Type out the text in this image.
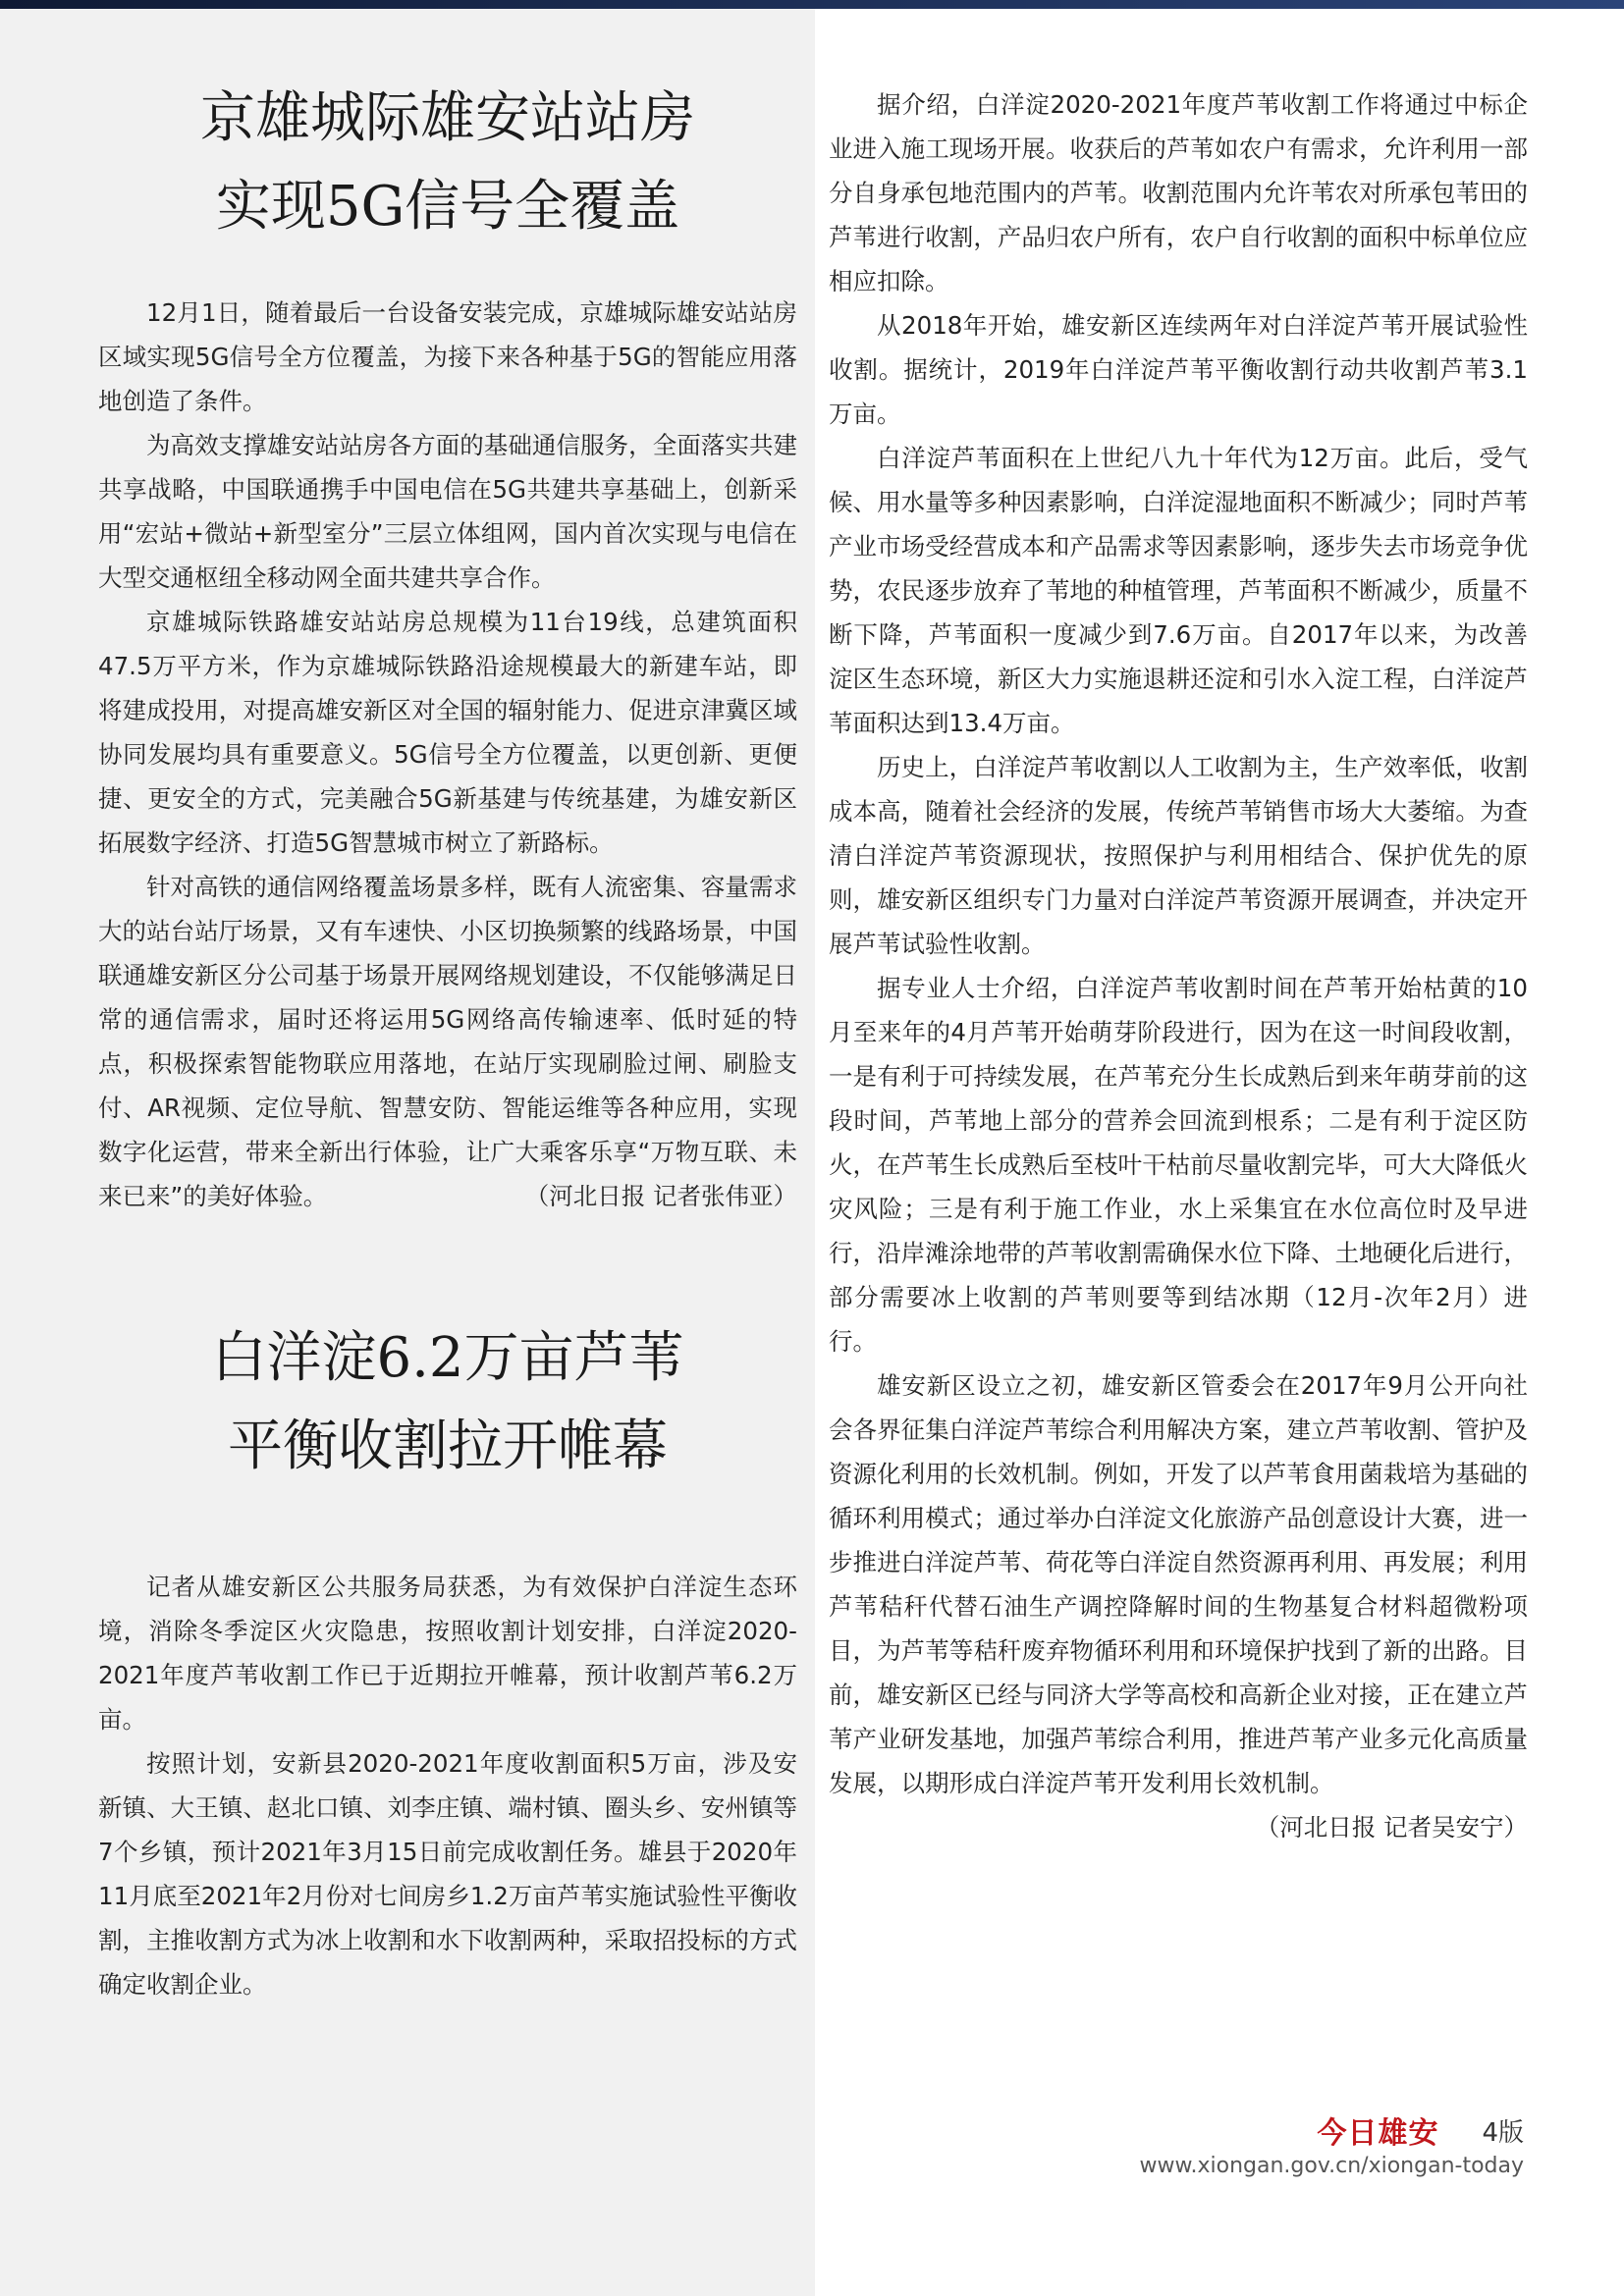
京雄城际雄安站站房
实现5G信号全覆盖

12月1日，随着最后一台设备安装完成，京雄城际雄安站站房区域实现5G信号全方位覆盖，为接下来各种基于5G的智能应用落地创造了条件。

为高效支撑雄安站站房各方面的基础通信服务，全面落实共建共享战略，中国联通携手中国电信在5G共建共享基础上，创新采用“宏站+微站+新型室分”三层立体组网，国内首次实现与电信在大型交通枢纽全移动网全面共建共享合作。

京雄城际铁路雄安站站房总规模为11台19线，总建筑面积47.5万平方米，作为京雄城际铁路沿途规模最大的新建车站，即将建成投用，对提高雄安新区对全国的辐射能力、促进京津冀区域协同发展均具有重要意义。5G信号全方位覆盖，以更创新、更便捷、更安全的方式，完美融合5G新基建与传统基建，为雄安新区拓展数字经济、打造5G智慧城市树立了新路标。

针对高铁的通信网络覆盖场景多样，既有人流密集、容量需求大的站台站厅场景，又有车速快、小区切换频繁的线路场景，中国联通雄安新区分公司基于场景开展网络规划建设，不仅能够满足日常的通信需求，届时还将运用5G网络高传输速率、低时延的特点，积极探索智能物联应用落地，在站厅实现刷脸过闸、刷脸支付、AR视频、定位导航、智慧安防、智能运维等各种应用，实现数字化运营，带来全新出行体验，让广大乘客乐享“万物互联、未来已来”的美好体验。	（河北日报 记者张伟亚）

白洋淀6.2万亩芦苇
平衡收割拉开帷幕

记者从雄安新区公共服务局获悉，为有效保护白洋淀生态环境，消除冬季淀区火灾隐患，按照收割计划安排，白洋淀2020-2021年度芦苇收割工作已于近期拉开帷幕，预计收割芦苇6.2万亩。

按照计划，安新县2020-2021年度收割面积5万亩，涉及安新镇、大王镇、赵北口镇、刘李庄镇、端村镇、圈头乡、安州镇等7个乡镇，预计2021年3月15日前完成收割任务。雄县于2020年11月底至2021年2月份对七间房乡1.2万亩芦苇实施试验性平衡收割，主推收割方式为冰上收割和水下收割两种，采取招投标的方式确定收割企业。

据介绍，白洋淀2020-2021年度芦苇收割工作将通过中标企业进入施工现场开展。收获后的芦苇如农户有需求，允许利用一部分自身承包地范围内的芦苇。收割范围内允许苇农对所承包苇田的芦苇进行收割，产品归农户所有，农户自行收割的面积中标单位应相应扣除。

从2018年开始，雄安新区连续两年对白洋淀芦苇开展试验性收割。据统计，2019年白洋淀芦苇平衡收割行动共收割芦苇3.1万亩。

白洋淀芦苇面积在上世纪八九十年代为12万亩。此后，受气候、用水量等多种因素影响，白洋淀湿地面积不断减少；同时芦苇产业市场受经营成本和产品需求等因素影响，逐步失去市场竞争优势，农民逐步放弃了苇地的种植管理，芦苇面积不断减少，质量不断下降，芦苇面积一度减少到7.6万亩。自2017年以来，为改善淀区生态环境，新区大力实施退耕还淀和引水入淀工程，白洋淀芦苇面积达到13.4万亩。

历史上，白洋淀芦苇收割以人工收割为主，生产效率低，收割成本高，随着社会经济的发展，传统芦苇销售市场大大萎缩。为查清白洋淀芦苇资源现状，按照保护与利用相结合、保护优先的原则，雄安新区组织专门力量对白洋淀芦苇资源开展调查，并决定开展芦苇试验性收割。

据专业人士介绍，白洋淀芦苇收割时间在芦苇开始枯黄的10月至来年的4月芦苇开始萌芽阶段进行，因为在这一时间段收割，一是有利于可持续发展，在芦苇充分生长成熟后到来年萌芽前的这段时间，芦苇地上部分的营养会回流到根系；二是有利于淀区防火，在芦苇生长成熟后至枝叶干枯前尽量收割完毕，可大大降低火灾风险；三是有利于施工作业，水上采集宜在水位高位时及早进行，沿岸滩涂地带的芦苇收割需确保水位下降、土地硬化后进行，部分需要冰上收割的芦苇则要等到结冰期（12月-次年2月）进行。

雄安新区设立之初，雄安新区管委会在2017年9月公开向社会各界征集白洋淀芦苇综合利用解决方案，建立芦苇收割、管护及资源化利用的长效机制。例如，开发了以芦苇食用菌栽培为基础的循环利用模式；通过举办白洋淀文化旅游产品创意设计大赛，进一步推进白洋淀芦苇、荷花等白洋淀自然资源再利用、再发展；利用芦苇秸秆代替石油生产调控降解时间的生物基复合材料超微粉项目，为芦苇等秸秆废弃物循环利用和环境保护找到了新的出路。目前，雄安新区已经与同济大学等高校和高新企业对接，正在建立芦苇产业研发基地，加强芦苇综合利用，推进芦苇产业多元化高质量发展，以期形成白洋淀芦苇开发利用长效机制。
（河北日报 记者吴安宁）

今日雄安 4版
www.xiongan.gov.cn/xiongan-today
